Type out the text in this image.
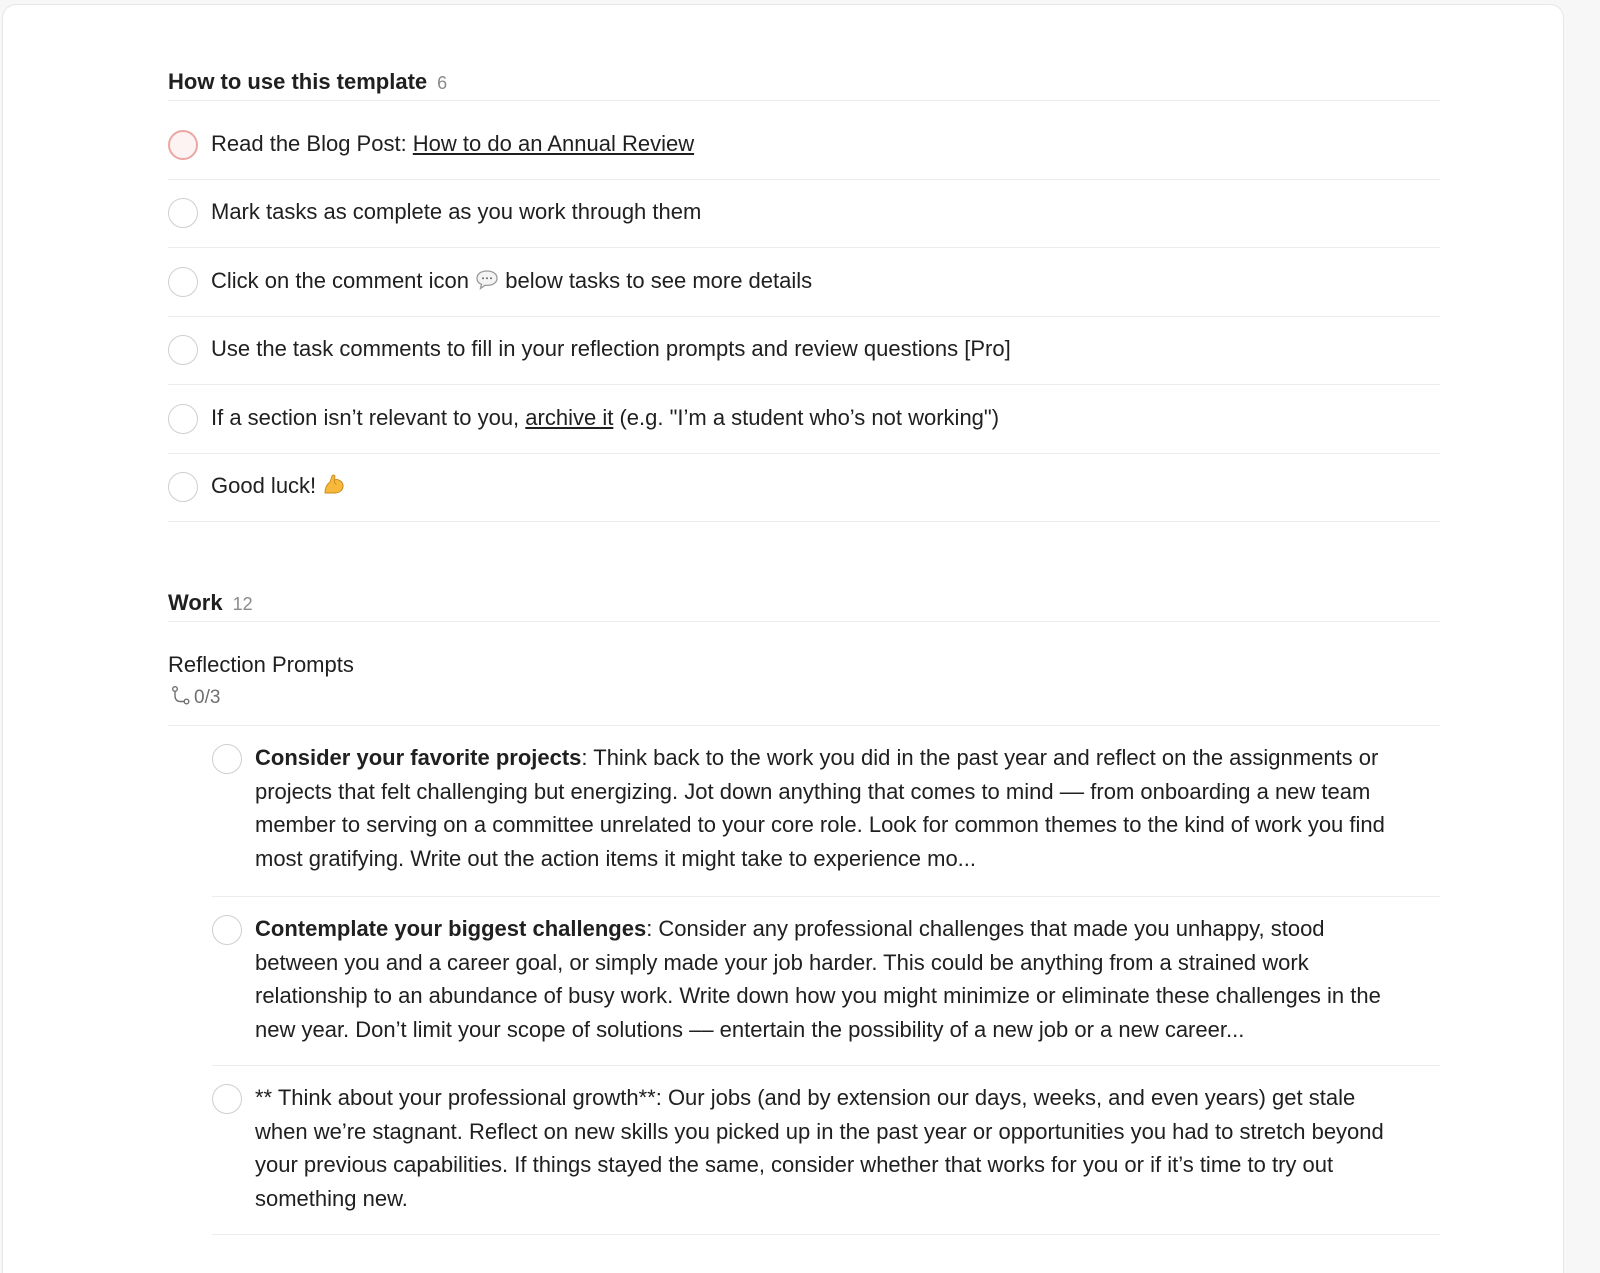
How to use this template 6
Read the Blog Post: How to do an Annual Review
Mark tasks as complete as you work through them
Click on the comment icon  below tasks to see more details
Use the task comments to fill in your reflection prompts and review questions [Pro]
If a section isn’t relevant to you, archive it (e.g. "I’m a student who’s not working")
Good luck!
Work 12
Reflection Prompts
0/3
Consider your favorite projects: Think back to the work you did in the past year and reflect on the assignments or projects that felt challenging but energizing. Jot down anything that comes to mind –– from onboarding a new team member to serving on a committee unrelated to your core role. Look for common themes to the kind of work you find most gratifying. Write out the action items it might take to experience mo...
Contemplate your biggest challenges: Consider any professional challenges that made you unhappy, stood between you and a career goal, or simply made your job harder. This could be anything from a strained work relationship to an abundance of busy work. Write down how you might minimize or eliminate these challenges in the new year. Don’t limit your scope of solutions –– entertain the possibility of a new job or a new career...
** Think about your professional growth**: Our jobs (and by extension our days, weeks, and even years) get stale when we’re stagnant. Reflect on new skills you picked up in the past year or opportunities you had to stretch beyond your previous capabilities. If things stayed the same, consider whether that works for you or if it’s time to try out something new.
